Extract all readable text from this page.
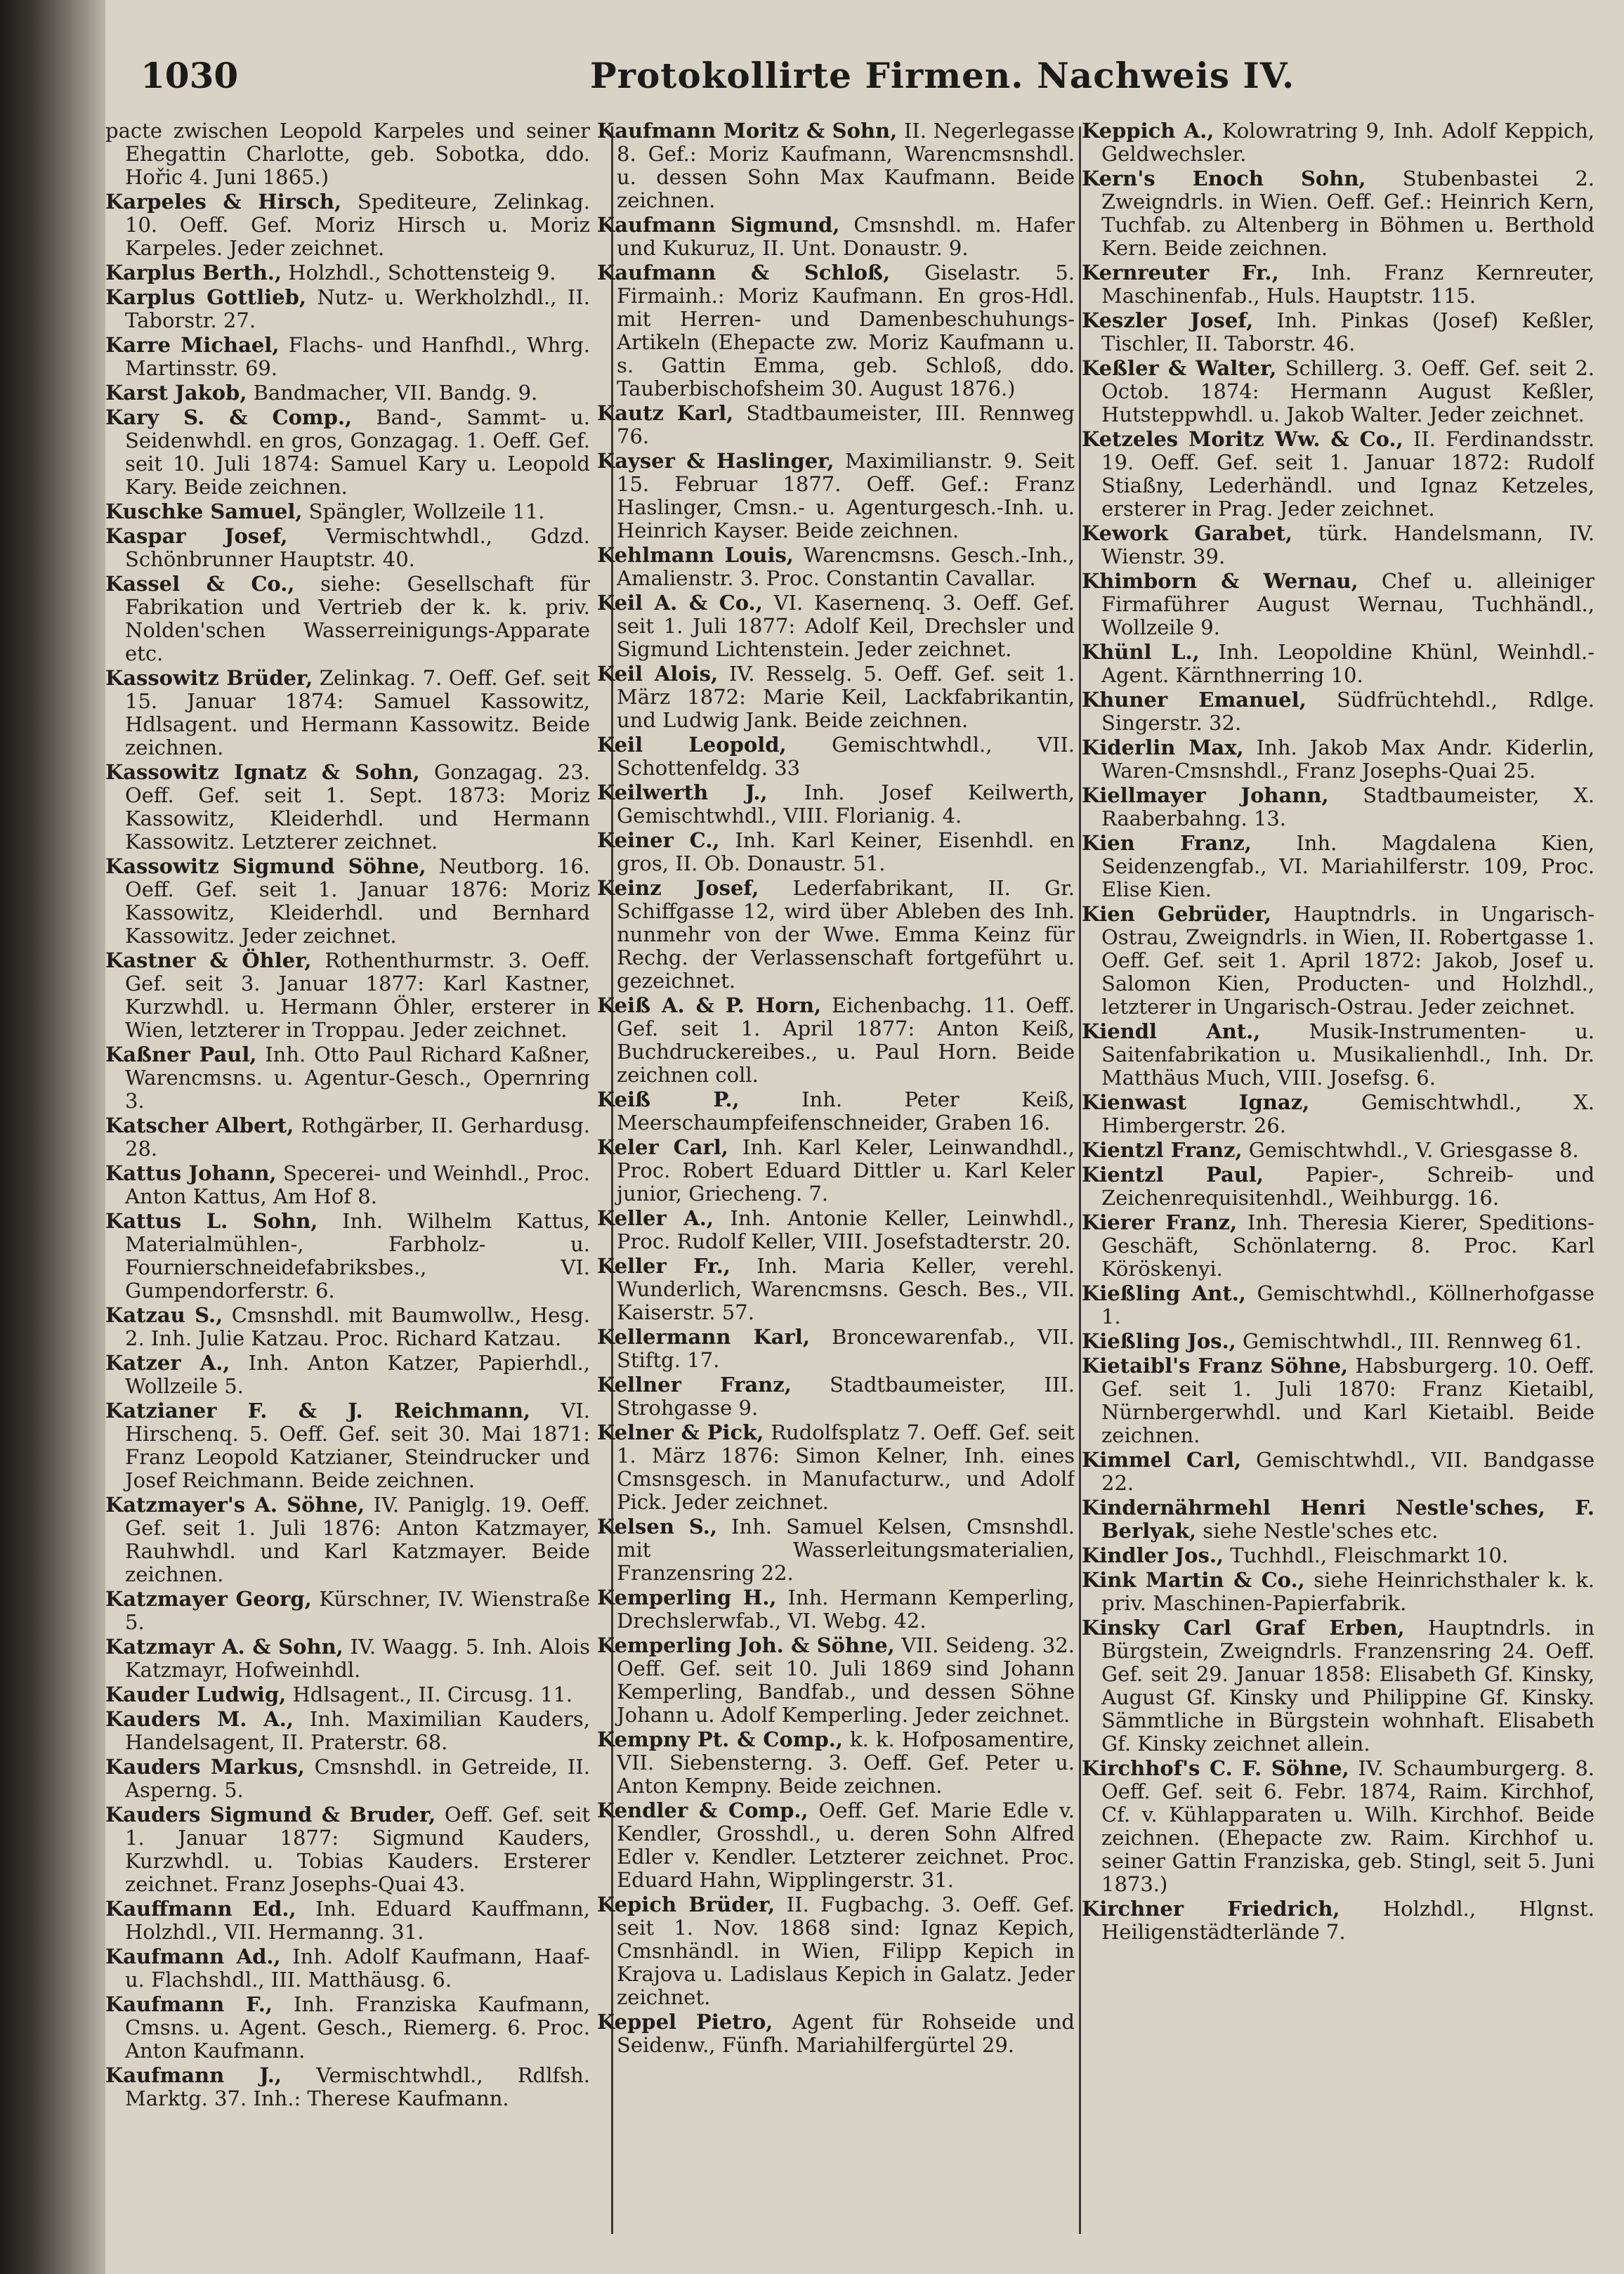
1030	Protokollirte Firmen. Nachweis IV.

pacte zwischen Leopold Karpeles und seiner Ehegattin Charlotte, geb. Sobotka, ddo. Hořic 4. Juni 1865.)

Karpeles & Hirsch, Spediteure, Zelinkag. 10. Oeff. Gef. Moriz Hirsch u. Moriz Karpeles. Jeder zeichnet.

Karplus Berth., Holzhdl., Schottensteig 9.

Karplus Gottlieb, Nutz- u. Werkholzhdl., II. Taborstr. 27.

Karre Michael, Flachs- und Hanfhdl., Whrg. Martinsstr. 69.

Karst Jakob, Bandmacher, VII. Bandg. 9.

Kary S. & Comp., Band-, Sammt- u. Seidenwhdl. en gros, Gonzagag. 1. Oeff. Gef. seit 10. Juli 1874: Samuel Kary u. Leopold Kary. Beide zeichnen.

Kuschke Samuel, Spängler, Wollzeile 11.

Kaspar Josef, Vermischtwhdl., Gdzd. Schönbrunner Hauptstr. 40.

Kassel & Co., siehe: Gesellschaft für Fabrikation und Vertrieb der k. k. priv. Nolden'schen Wasserreinigungs-Apparate etc.

Kassowitz Brüder, Zelinkag. 7. Oeff. Gef. seit 15. Januar 1874: Samuel Kassowitz, Hdlsagent. und Hermann Kassowitz. Beide zeichnen.

Kassowitz Ignatz & Sohn, Gonzagag. 23. Oeff. Gef. seit 1. Sept. 1873: Moriz Kassowitz, Kleiderhdl. und Hermann Kassowitz. Letzterer zeichnet.

Kassowitz Sigmund Söhne, Neutborg. 16. Oeff. Gef. seit 1. Januar 1876: Moriz Kassowitz, Kleiderhdl. und Bernhard Kassowitz. Jeder zeichnet.

Kastner & Öhler, Rothenthurmstr. 3. Oeff. Gef. seit 3. Januar 1877: Karl Kastner, Kurzwhdl. u. Hermann Öhler, ersterer in Wien, letzterer in Troppau. Jeder zeichnet.

Kaßner Paul, Inh. Otto Paul Richard Kaßner, Warencmsns. u. Agentur-Gesch., Opernring 3.

Katscher Albert, Rothgärber, II. Gerhardusg. 28.

Kattus Johann, Specerei- und Weinhdl., Proc. Anton Kattus, Am Hof 8.

Kattus L. Sohn, Inh. Wilhelm Kattus, Materialmühlen-, Farbholz- u. Fournierschneidefabriksbes., VI. Gumpendorferstr. 6.

Katzau S., Cmsnshdl. mit Baumwollw., Hesg. 2. Inh. Julie Katzau. Proc. Richard Katzau.

Katzer A., Inh. Anton Katzer, Papierhdl., Wollzeile 5.

Katzianer F. & J. Reichmann, VI. Hirschenq. 5. Oeff. Gef. seit 30. Mai 1871: Franz Leopold Katzianer, Steindrucker und Josef Reichmann. Beide zeichnen.

Katzmayer's A. Söhne, IV. Paniglg. 19. Oeff. Gef. seit 1. Juli 1876: Anton Katzmayer, Rauhwhdl. und Karl Katzmayer. Beide zeichnen.

Katzmayer Georg, Kürschner, IV. Wienstraße 5.

Katzmayr A. & Sohn, IV. Waagg. 5. Inh. Alois Katzmayr, Hofweinhdl.

Kauder Ludwig, Hdlsagent., II. Circusg. 11.

Kauders M. A., Inh. Maximilian Kauders, Handelsagent, II. Praterstr. 68.

Kauders Markus, Cmsnshdl. in Getreide, II. Asperng. 5.

Kauders Sigmund & Bruder, Oeff. Gef. seit 1. Januar 1877: Sigmund Kauders, Kurzwhdl. u. Tobias Kauders. Ersterer zeichnet. Franz Josephs-Quai 43.

Kauffmann Ed., Inh. Eduard Kauffmann, Holzhdl., VII. Hermanng. 31.

Kaufmann Ad., Inh. Adolf Kaufmann, Haaf- u. Flachshdl., III. Matthäusg. 6.

Kaufmann F., Inh. Franziska Kaufmann, Cmsns. u. Agent. Gesch., Riemerg. 6. Proc. Anton Kaufmann.

Kaufmann J., Vermischtwhdl., Rdlfsh. Marktg. 37. Inh.: Therese Kaufmann.

Kaufmann Moritz & Sohn, II. Negerlegasse 8. Gef.: Moriz Kaufmann, Warencmsnshdl. u. dessen Sohn Max Kaufmann. Beide zeichnen.

Kaufmann Sigmund, Cmsnshdl. m. Hafer und Kukuruz, II. Unt. Donaustr. 9.

Kaufmann & Schloß, Giselastr. 5. Firmainh.: Moriz Kaufmann. En gros-Hdl. mit Herren- und Damenbeschuhungs-Artikeln (Ehepacte zw. Moriz Kaufmann u. s. Gattin Emma, geb. Schloß, ddo. Tauberbischofsheim 30. August 1876.)

Kautz Karl, Stadtbaumeister, III. Rennweg 76.

Kayser & Haslinger, Maximilianstr. 9. Seit 15. Februar 1877. Oeff. Gef.: Franz Haslinger, Cmsn.- u. Agenturgesch.-Inh. u. Heinrich Kayser. Beide zeichnen.

Kehlmann Louis, Warencmsns. Gesch.-Inh., Amalienstr. 3. Proc. Constantin Cavallar.

Keil A. & Co., VI. Kasernenq. 3. Oeff. Gef. seit 1. Juli 1877: Adolf Keil, Drechsler und Sigmund Lichtenstein. Jeder zeichnet.

Keil Alois, IV. Resselg. 5. Oeff. Gef. seit 1. März 1872: Marie Keil, Lackfabrikantin, und Ludwig Jank. Beide zeichnen.

Keil Leopold, Gemischtwhdl., VII. Schottenfeldg. 33

Keilwerth J., Inh. Josef Keilwerth, Gemischtwhdl., VIII. Florianig. 4.

Keiner C., Inh. Karl Keiner, Eisenhdl. en gros, II. Ob. Donaustr. 51.

Keinz Josef, Lederfabrikant, II. Gr. Schiffgasse 12, wird über Ableben des Inh. nunmehr von der Wwe. Emma Keinz für Rechg. der Verlassenschaft fortgeführt u. gezeichnet.

Keiß A. & P. Horn, Eichenbachg. 11. Oeff. Gef. seit 1. April 1877: Anton Keiß, Buchdruckereibes., u. Paul Horn. Beide zeichnen coll.

Keiß P., Inh. Peter Keiß, Meerschaumpfeifenschneider, Graben 16.

Keler Carl, Inh. Karl Keler, Leinwandhdl., Proc. Robert Eduard Dittler u. Karl Keler junior, Griecheng. 7.

Keller A., Inh. Antonie Keller, Leinwhdl., Proc. Rudolf Keller, VIII. Josefstadterstr. 20.

Keller Fr., Inh. Maria Keller, verehl. Wunderlich, Warencmsns. Gesch. Bes., VII. Kaiserstr. 57.

Kellermann Karl, Broncewarenfab., VII. Stiftg. 17.

Kellner Franz, Stadtbaumeister, III. Strohgasse 9.

Kelner & Pick, Rudolfsplatz 7. Oeff. Gef. seit 1. März 1876: Simon Kelner, Inh. eines Cmsnsgesch. in Manufacturw., und Adolf Pick. Jeder zeichnet.

Kelsen S., Inh. Samuel Kelsen, Cmsnshdl. mit Wasserleitungsmaterialien, Franzensring 22.

Kemperling H., Inh. Hermann Kemperling, Drechslerwfab., VI. Webg. 42.

Kemperling Joh. & Söhne, VII. Seideng. 32. Oeff. Gef. seit 10. Juli 1869 sind Johann Kemperling, Bandfab., und dessen Söhne Johann u. Adolf Kemperling. Jeder zeichnet.

Kempny Pt. & Comp., k. k. Hofposamentire, VII. Siebensterng. 3. Oeff. Gef. Peter u. Anton Kempny. Beide zeichnen.

Kendler & Comp., Oeff. Gef. Marie Edle v. Kendler, Grosshdl., u. deren Sohn Alfred Edler v. Kendler. Letzterer zeichnet. Proc. Eduard Hahn, Wipplingerstr. 31.

Kepich Brüder, II. Fugbachg. 3. Oeff. Gef. seit 1. Nov. 1868 sind: Ignaz Kepich, Cmsnhändl. in Wien, Filipp Kepich in Krajova u. Ladislaus Kepich in Galatz. Jeder zeichnet.

Keppel Pietro, Agent für Rohseide und Seidenw., Fünfh. Mariahilfergürtel 29.

Keppich A., Kolowratring 9, Inh. Adolf Keppich, Geldwechsler.

Kern's Enoch Sohn, Stubenbastei 2. Zweigndrls. in Wien. Oeff. Gef.: Heinrich Kern, Tuchfab. zu Altenberg in Böhmen u. Berthold Kern. Beide zeichnen.

Kernreuter Fr., Inh. Franz Kernreuter, Maschinenfab., Huls. Hauptstr. 115.

Keszler Josef, Inh. Pinkas (Josef) Keßler, Tischler, II. Taborstr. 46.

Keßler & Walter, Schillerg. 3. Oeff. Gef. seit 2. Octob. 1874: Hermann August Keßler, Hutsteppwhdl. u. Jakob Walter. Jeder zeichnet.

Ketzeles Moritz Ww. & Co., II. Ferdinandsstr. 19. Oeff. Gef. seit 1. Januar 1872: Rudolf Stiaßny, Lederhändl. und Ignaz Ketzeles, ersterer in Prag. Jeder zeichnet.

Kework Garabet, türk. Handelsmann, IV. Wienstr. 39.

Khimborn & Wernau, Chef u. alleiniger Firmaführer August Wernau, Tuchhändl., Wollzeile 9.

Khünl L., Inh. Leopoldine Khünl, Weinhdl.-Agent. Kärnthnerring 10.

Khuner Emanuel, Südfrüchtehdl., Rdlge. Singerstr. 32.

Kiderlin Max, Inh. Jakob Max Andr. Kiderlin, Waren-Cmsnshdl., Franz Josephs-Quai 25.

Kiellmayer Johann, Stadtbaumeister, X. Raaberbahng. 13.

Kien Franz, Inh. Magdalena Kien, Seidenzengfab., VI. Mariahilferstr. 109, Proc. Elise Kien.

Kien Gebrüder, Hauptndrls. in Ungarisch-Ostrau, Zweigndrls. in Wien, II. Robertgasse 1. Oeff. Gef. seit 1. April 1872: Jakob, Josef u. Salomon Kien, Producten- und Holzhdl., letzterer in Ungarisch-Ostrau. Jeder zeichnet.

Kiendl Ant., Musik-Instrumenten- u. Saitenfabrikation u. Musikalienhdl., Inh. Dr. Matthäus Much, VIII. Josefsg. 6.

Kienwast Ignaz, Gemischtwhdl., X. Himbergerstr. 26.

Kientzl Franz, Gemischtwhdl., V. Griesgasse 8.

Kientzl Paul, Papier-, Schreib- und Zeichenrequisitenhdl., Weihburgg. 16.

Kierer Franz, Inh. Theresia Kierer, Speditions-Geschäft, Schönlaterng. 8. Proc. Karl Köröskenyi.

Kießling Ant., Gemischtwhdl., Köllnerhofgasse 1.

Kießling Jos., Gemischtwhdl., III. Rennweg 61.

Kietaibl's Franz Söhne, Habsburgerg. 10. Oeff. Gef. seit 1. Juli 1870: Franz Kietaibl, Nürnbergerwhdl. und Karl Kietaibl. Beide zeichnen.

Kimmel Carl, Gemischtwhdl., VII. Bandgasse 22.

Kindernährmehl Henri Nestle'sches, F. Berlyak, siehe Nestle'sches etc.

Kindler Jos., Tuchhdl., Fleischmarkt 10.

Kink Martin & Co., siehe Heinrichsthaler k. k. priv. Maschinen-Papierfabrik.

Kinsky Carl Graf Erben, Hauptndrls. in Bürgstein, Zweigndrls. Franzensring 24. Oeff. Gef. seit 29. Januar 1858: Elisabeth Gf. Kinsky, August Gf. Kinsky und Philippine Gf. Kinsky. Sämmtliche in Bürgstein wohnhaft. Elisabeth Gf. Kinsky zeichnet allein.

Kirchhof's C. F. Söhne, IV. Schaumburgerg. 8. Oeff. Gef. seit 6. Febr. 1874, Raim. Kirchhof, Cf. v. Kühlapparaten u. Wilh. Kirchhof. Beide zeichnen. (Ehepacte zw. Raim. Kirchhof u. seiner Gattin Franziska, geb. Stingl, seit 5. Juni 1873.)

Kirchner Friedrich, Holzhdl., Hlgnst. Heiligenstädterlände 7.
